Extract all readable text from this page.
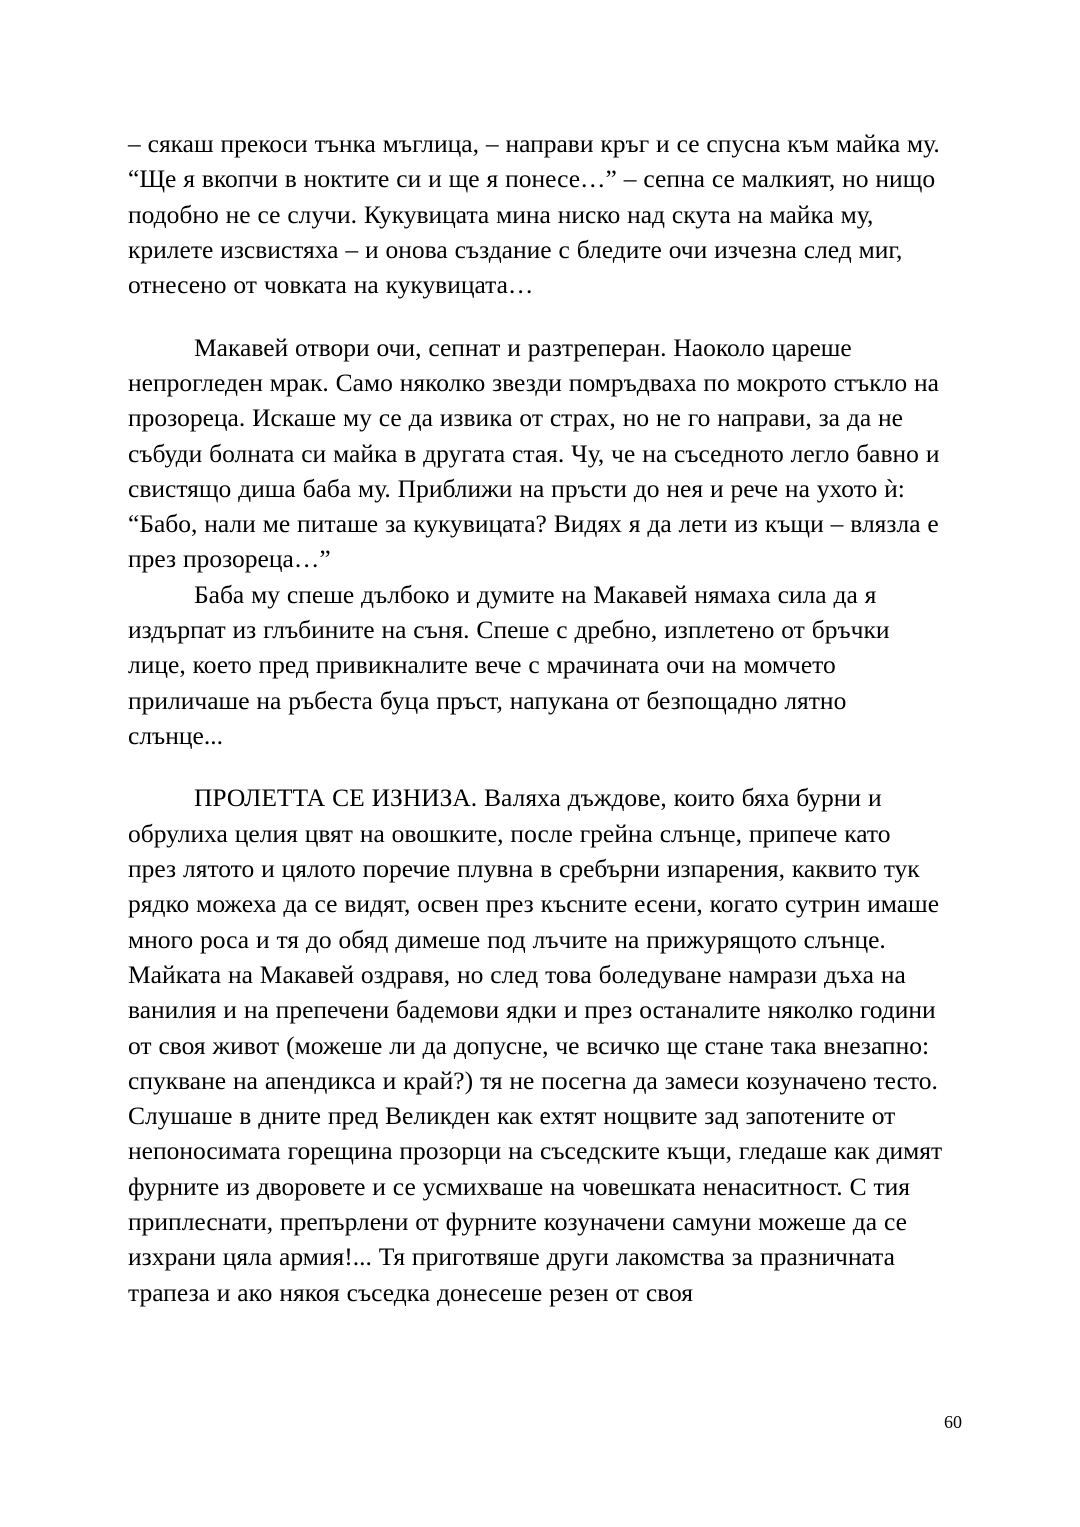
– сякаш прекоси тънка мъглица, – направи кръг и се спусна към майка му. “Ще я вкопчи в ноктите си и ще я понесе…” – сепна се малкият, но нищо подобно не се случи. Кукувицата мина ниско над скута на майка му, крилете изсвистяха – и онова създание с бледите очи изчезна след миг, отнесено от човката на кукувицата…

Макавей отвори очи, сепнат и разтреперан. Наоколо цареше непрогледен мрак. Само няколко звезди помръдваха по мокрото стъкло на прозореца. Искаше му се да извика от страх, но не го направи, за да не събуди болната си майка в другата стая. Чу, че на съседното легло бавно и свистящо диша баба му. Приближи на пръсти до нея и рече на ухото ѝ: “Бабо, нали ме питаше за кукувицата? Видях я да лети из къщи – влязла е през прозореца…”

Баба му спеше дълбоко и думите на Макавей нямаха сила да я издърпат из глъбините на съня. Спеше с дребно, изплетено от бръчки лице, което пред привикналите вече с мрачината очи на момчето приличаше на ръбеста буца пръст, напукана от безпощадно лятно слънце...

ПРОЛЕТТА СЕ ИЗНИЗА. Валяха дъждове, които бяха бурни и обрулиха целия цвят на овошките, после грейна слънце, припече като през лятото и цялото поречие плувна в сребърни изпарения, каквито тук рядко можеха да се видят, освен през късните есени, когато сутрин имаше много роса и тя до обяд димеше под лъчите на прижурящото слънце. Майката на Макавей оздравя, но след това боледуване намрази дъха на ванилия и на препечени бадемови ядки и през останалите няколко години от своя живот (можеше ли да допусне, че всичко ще стане така внезапно: спукване на апендикса и край?) тя не посегна да замеси козуначено тесто. Слушаше в дните пред Великден как ехтят нощвите зад запотените от непоносимата горещина прозорци на съседските къщи, гледаше как димят фурните из дворовете и се усмихваше на човешката ненаситност. С тия приплеснати, препърлени от фурните козуначени самуни можеше да се изхрани цяла армия!... Тя приготвяше други лакомства за празничната трапеза и ако някоя съседка донесеше резен от своя

60
